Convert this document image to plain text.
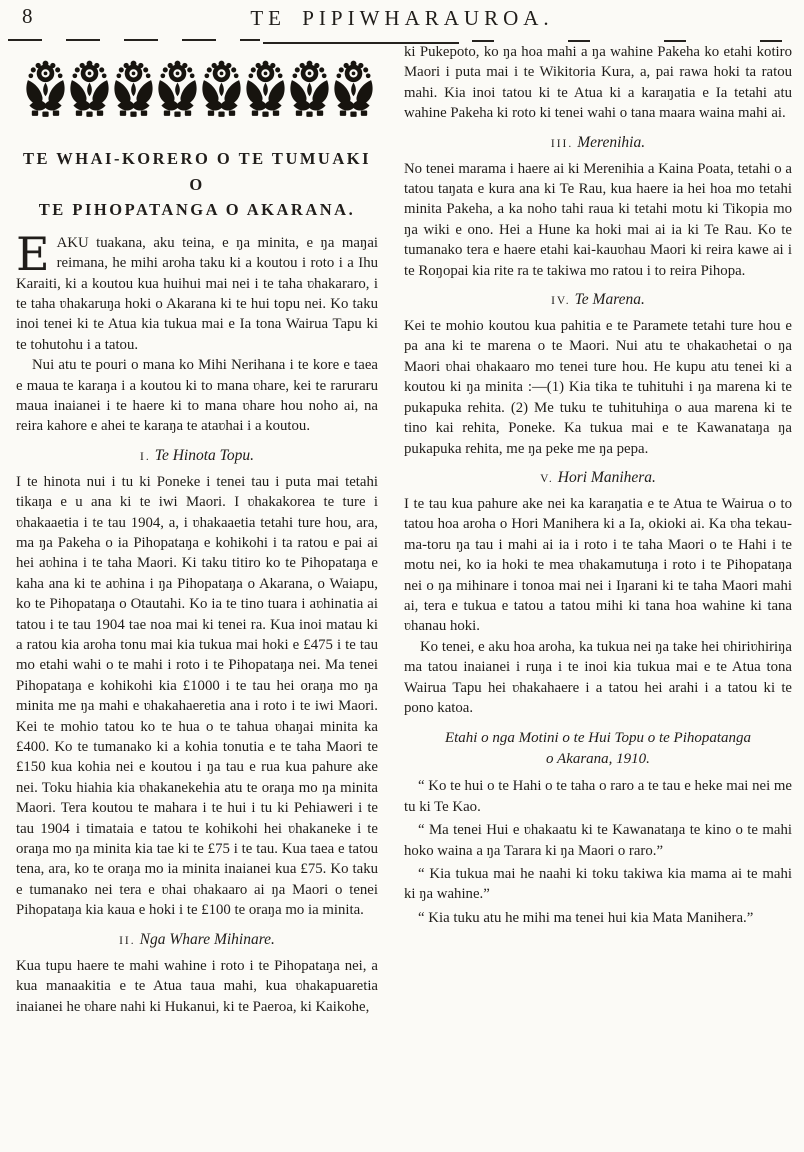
8	TE PIPIWHARAUROA.
TE WHAI-KORERO O TE TUMUAKI O
TE PIHOPATANGA O AKARANA.

EAKU tuakana, aku teina, e ŋa minita, e ŋa maŋai reimana, he mihi aroha taku ki a koutou i roto i a Ihu Karaiti, ki a koutou kua huihui mai nei i te taha ʋhakararo, i te taha ʋhakaruŋa hoki o Akarana ki te hui topu nei. Ko taku inoi tenei ki te Atua kia tukua mai e Ia tona Wairua Tapu ki te tohutohu i a tatou.

Nui atu te pouri o mana ko Mihi Nerihana i te kore e taea e maua te karaŋa i a koutou ki to mana ʋhare, kei te raruraru maua inaianei i te haere ki to mana ʋhare hou noho ai, na reira kahore e ahei te karaŋa te ataʋhai i a koutou.

I. Te Hinota Topu.

I te hinota nui i tu ki Poneke i tenei tau i puta mai tetahi tikaŋa e u ana ki te iwi Maori. I ʋhakakorea te ture i ʋhakaaetia i te tau 1904, a, i ʋhakaaetia tetahi ture hou, ara, ma ŋa Pakeha o ia Pihopataŋa e kohikohi i ta ratou e pai ai hei aʋhina i te taha Maori. Ki taku titiro ko te Pihopataŋa e kaha ana ki te aʋhina i ŋa Pihopataŋa o Akarana, o Waiapu, ko te Pihopataŋa o Otautahi. Ko ia te tino tuara i aʋhinatia ai tatou i te tau 1904 tae noa mai ki tenei ra. Kua inoi matau ki a ratou kia aroha tonu mai kia tukua mai hoki e £475 i te tau mo etahi wahi o te mahi i roto i te Pihopataŋa nei. Ma tenei Pihopataŋa e kohikohi kia £1000 i te tau hei oraŋa mo ŋa minita me ŋa mahi e ʋhakahaeretia ana i roto i te iwi Maori. Kei te mohio tatou ko te hua o te tahua ʋhaŋai minita ka £400. Ko te tumanako ki a kohia tonutia e te taha Maori te £150 kua kohia nei e koutou i ŋa tau e rua kua pahure ake nei. Toku hiahia kia ʋhakanekehia atu te oraŋa mo ŋa minita Maori. Tera koutou te mahara i te hui i tu ki Pehiaweri i te tau 1904 i timataia e tatou te kohikohi hei ʋhakaneke i te oraŋa mo ŋa minita kia tae ki te £75 i te tau. Kua taea e tatou tena, ara, ko te oraŋa mo ia minita inaianei kua £75. Ko taku e tumanako nei tera e ʋhai ʋhakaaro ai ŋa Maori o tenei Pihopataŋa kia kaua e hoki i te £100 te oraŋa mo ia minita.

II. Nga Whare Mihinare.

Kua tupu haere te mahi wahine i roto i te Pihopataŋa nei, a kua manaakitia e te Atua taua mahi, kua ʋhakapuaretia inaianei he ʋhare nahi ki Hukanui, ki te Paeroa, ki Kaikohe,

ki Pukepoto, ko ŋa hoa mahi a ŋa wahine Pakeha ko etahi kotiro Maori i puta mai i te Wikitoria Kura, a, pai rawa hoki ta ratou mahi. Kia inoi tatou ki te Atua ki a karaŋatia e Ia tetahi atu wahine Pakeha ki roto ki tenei wahi o tana maara waina mahi ai.

III. Merenihia.

No tenei marama i haere ai ki Merenihia a Kaina Poata, tetahi o a tatou taŋata e kura ana ki Te Rau, kua haere ia hei hoa mo tetahi minita Pakeha, a ka noho tahi raua ki tetahi motu ki Tikopia mo ŋa wiki e ono. Hei a Hune ka hoki mai ai ia ki Te Rau. Ko te tumanako tera e haere etahi kai-kauʋhau Maori ki reira kawe ai i te Roŋopai kia rite ra te takiwa mo ratou i to reira Pihopa.

IV. Te Marena.

Kei te mohio koutou kua pahitia e te Paramete tetahi ture hou e pa ana ki te marena o te Maori. Nui atu te ʋhakaʋhetai o ŋa Maori ʋhai ʋhakaaro mo tenei ture hou. He kupu atu tenei ki a koutou ki ŋa minita :—(1) Kia tika te tuhituhi i ŋa marena ki te pukapuka rehita. (2) Me tuku te tuhituhiŋa o aua marena ki te tino kai rehita, Poneke. Ka tukua mai e te Kawanataŋa ŋa pukapuka rehita, me ŋa peke me ŋa pepa.

V. Hori Manihera.

I te tau kua pahure ake nei ka karaŋatia e te Atua te Wairua o to tatou hoa aroha o Hori Manihera ki a Ia, okioki ai. Ka ʋha tekau-ma-toru ŋa tau i mahi ai ia i roto i te taha Maori o te Hahi i te motu nei, ko ia hoki te mea ʋhakamutuŋa i roto i te Pihopataŋa nei o ŋa mihinare i tonoa mai nei i Iŋarani ki te taha Maori mahi ai, tera e tukua e tatou a tatou mihi ki tana hoa wahine ki tana ʋhanau hoki.

Ko tenei, e aku hoa aroha, ka tukua nei ŋa take hei ʋhiriʋhiriŋa ma tatou inaianei i ruŋa i te inoi kia tukua mai e te Atua tona Wairua Tapu hei ʋhakahaere i a tatou hei arahi i a tatou ki te pono katoa.

Etahi o nga Motini o te Hui Topu o te Pihopatanga
o Akarana, 1910.

“ Ko te hui o te Hahi o te taha o raro a te tau e heke mai nei me tu ki Te Kao.

“ Ma tenei Hui e ʋhakaatu ki te Kawanataŋa te kino o te mahi hoko waina a ŋa Tarara ki ŋa Maori o raro.”

“ Kia tukua mai he naahi ki toku takiwa kia mama ai te mahi ki ŋa wahine.”

“ Kia tuku atu he mihi ma tenei hui kia Mata Manihera.”
